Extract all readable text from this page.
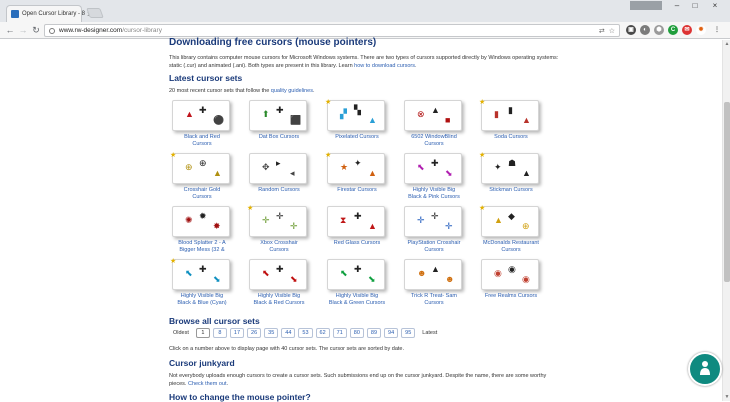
Open Cursor Library - 8
–	□	×
← → ↻	www.rw-designer.com /cursor-library	⇄ ☆	▣	◐	⬢	C	✉	✹	⋮
Downloading free cursors (mouse pointers)

This library contains computer mouse cursors for Microsoft Windows systems. There are two types of cursors supported directly by Windows operating systems: static (.cur) and animated (.ani). Both types are present in this library. Learn how to download cursors.

Latest cursor sets
20 most recent cursor sets that follow the quality guidelines.
▲ ✚
⚫
Black and Red
Cursors
⬆ ✚
⬛
Dat Box Cursors
▞ ▚
▲
★
Pixelated Cursors
⊗ ▲
■
6502 WindowBlind
Cursors
▮ ▮
▲
★
Soda Cursors
⊕ ⊕
▲
★
Crosshair Gold
Cursors
✥ ▸
◂
Random Cursors
★ ✦
▲
★
Firestar Cursors
⬉ ✚
⬊
Highly Visible Big
Black & Pink Cursors
✦ ☗
▲
★
Stickman Cursors
✺ ✹
✸
Blood Splatter 2 - A
Bigger Mess (32 &
✛ ✛
✛
★
Xbox Crosshair
Cursors
⧗ ✚
▲
Red Glass Cursors
✛ ✛
✛
PlayStation Crosshair
Cursors
▲ ◆
⊕
★
McDonalds Restaurant
Cursors
⬉ ✚
⬊
★
Highly Visible Big
Black & Blue (Cyan)
⬉ ✚
⬊
Highly Visible Big
Black & Red Cursors
⬉ ✚
⬊
Highly Visible Big
Black & Green Cursors
☻ ▲
☻
Trick R Treat- Sam
Cursors
◉ ◉
◉
Free Realms Cursors
Browse all cursor sets
Oldest	1	8	17	26	35	44	53	62	71	80	89	94	95	Latest
Click on a number above to display page with 40 cursor sets. The cursor sets are sorted by date.
Cursor junkyard
Not everybody uploads enough cursors to create a cursor sets. Such submissions end up on the cursor junkyard. Despite the name, there are some worthy
pieces. Check them out.
How to change the mouse pointer?
▲
▼
